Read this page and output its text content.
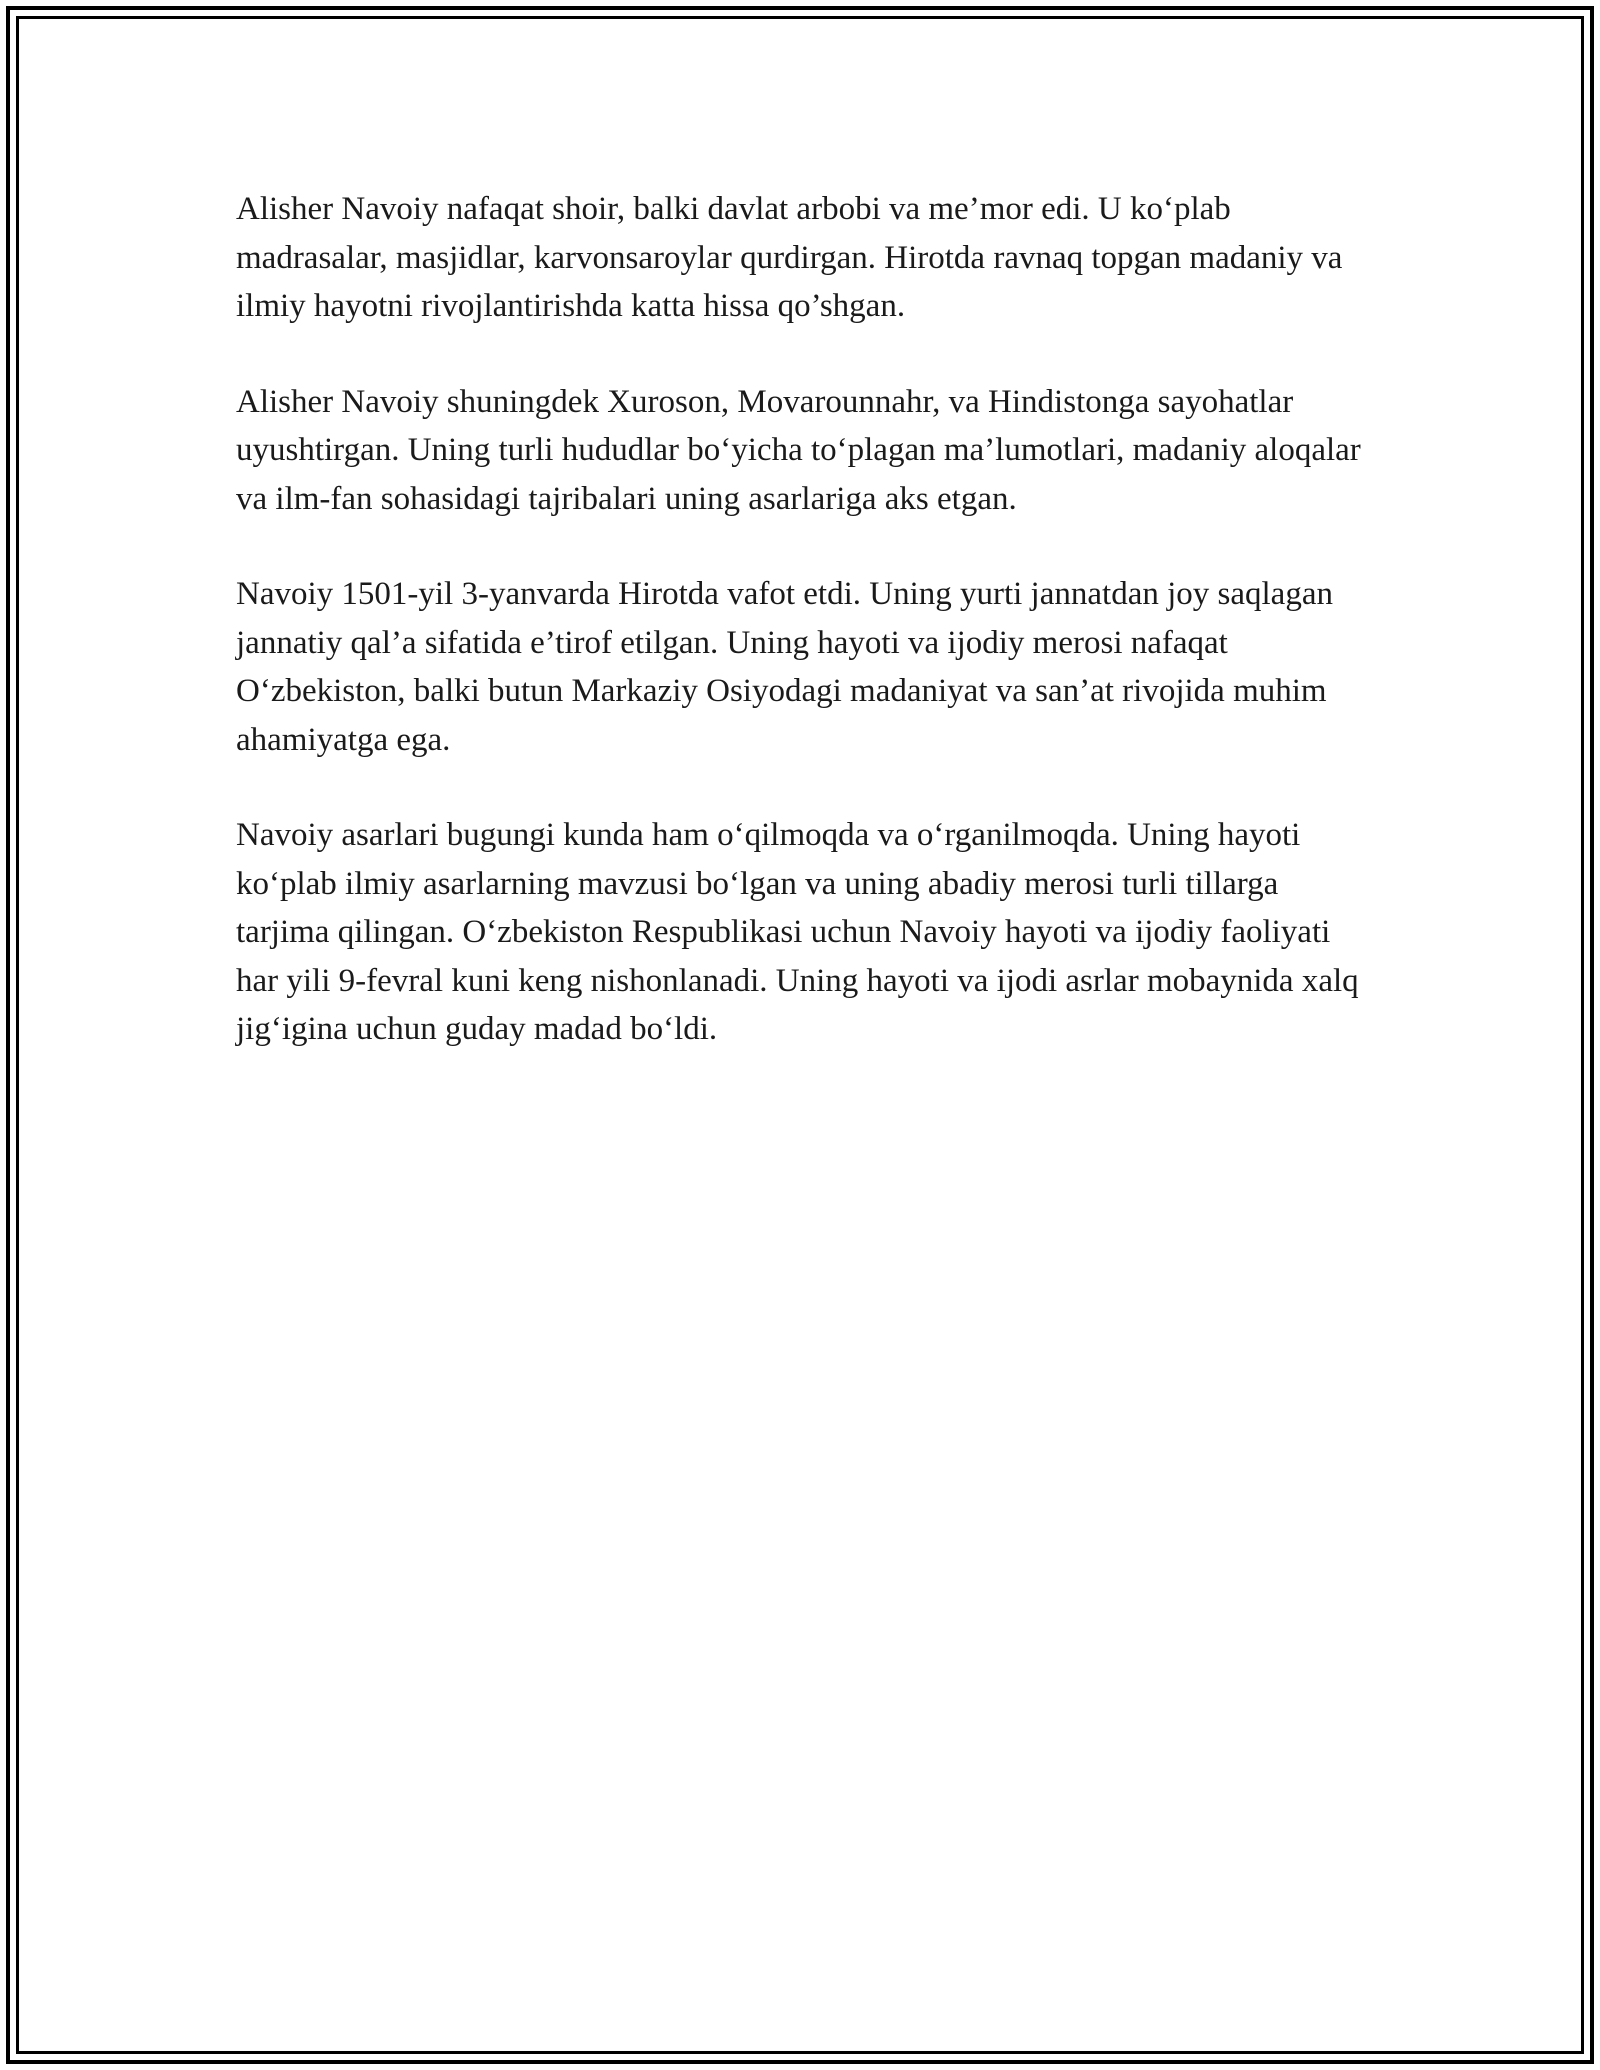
Alisher Navoiy nafaqat shoir, balki davlat arbobi va me’mor edi. U ko‘plab madrasalar, masjidlar, karvonsaroylar qurdirgan. Hirotda ravnaq topgan madaniy va ilmiy hayotni rivojlantirishda katta hissa qo’shgan.

Alisher Navoiy shuningdek Xuroson, Movarounnahr, va Hindistonga sayohatlar uyushtirgan. Uning turli hududlar bo‘yicha to‘plagan ma’lumotlari, madaniy aloqalar va ilm-fan sohasidagi tajribalari uning asarlariga aks etgan.

Navoiy 1501-yil 3-yanvarda Hirotda vafot etdi. Uning yurti jannatdan joy saqlagan jannatiy qal’a sifatida e’tirof etilgan. Uning hayoti va ijodiy merosi nafaqat O‘zbekiston, balki butun Markaziy Osiyodagi madaniyat va san’at rivojida muhim ahamiyatga ega.

Navoiy asarlari bugungi kunda ham o‘qilmoqda va o‘rganilmoqda. Uning hayoti ko‘plab ilmiy asarlarning mavzusi bo‘lgan va uning abadiy merosi turli tillarga tarjima qilingan. O‘zbekiston Respublikasi uchun Navoiy hayoti va ijodiy faoliyati har yili 9-fevral kuni keng nishonlanadi. Uning hayoti va ijodi asrlar mobaynida xalq jig‘igina uchun guday madad bo‘ldi.
